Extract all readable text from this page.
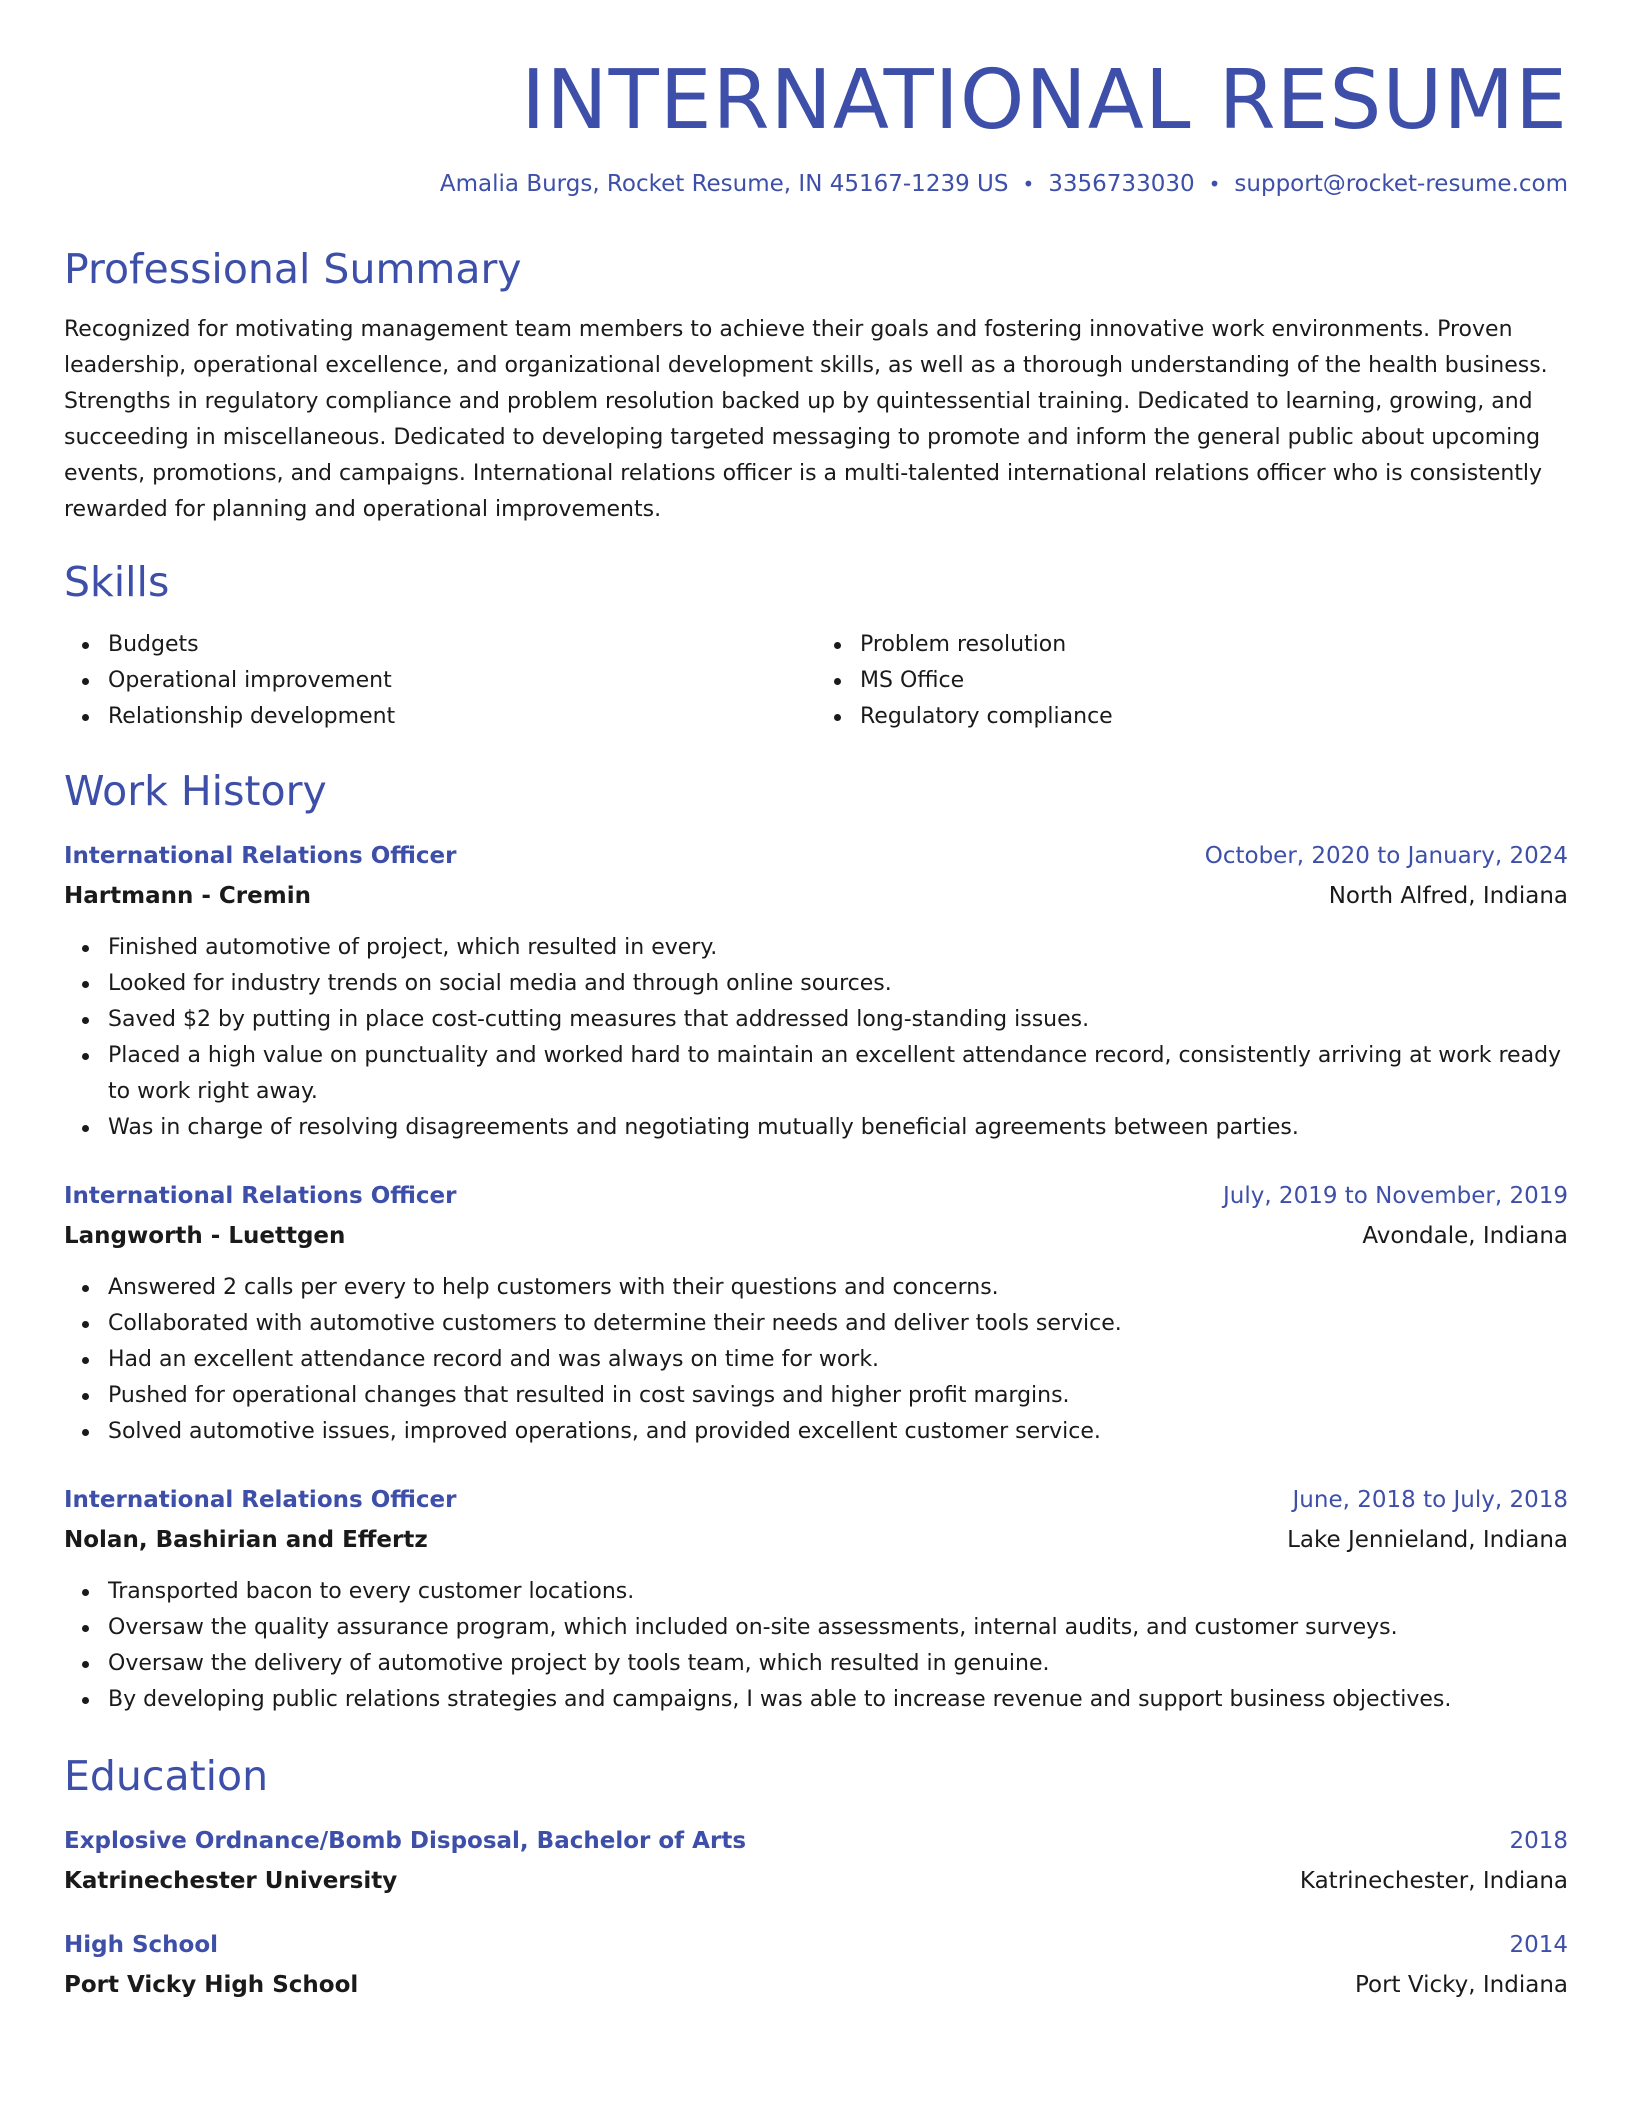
INTERNATIONAL RESUME
Amalia Burgs, Rocket Resume, IN 45167-1239 US • 3356733030 • support@rocket-resume.com
Professional Summary

Recognized for motivating management team members to achieve their goals and fostering innovative work environments. Proven leadership, operational excellence, and organizational development skills, as well as a thorough understanding of the health business. Strengths in regulatory compliance and problem resolution backed up by quintessential training. Dedicated to learning, growing, and succeeding in miscellaneous. Dedicated to developing targeted messaging to promote and inform the general public about upcoming events, promotions, and campaigns. International relations officer is a multi-talented international relations officer who is consistently rewarded for planning and operational improvements.

Skills
Budgets
Operational improvement
Relationship development
Problem resolution
MS Office
Regulatory compliance
Work History
International Relations Officer	October, 2020 to January, 2024
Hartmann - Cremin	North Alfred, Indiana
Finished automotive of project, which resulted in every.
Looked for industry trends on social media and through online sources.
Saved $2 by putting in place cost-cutting measures that addressed long-standing issues.
Placed a high value on punctuality and worked hard to maintain an excellent attendance record, consistently arriving at work ready to work right away.
Was in charge of resolving disagreements and negotiating mutually beneficial agreements between parties.
International Relations Officer	July, 2019 to November, 2019
Langworth - Luettgen	Avondale, Indiana
Answered 2 calls per every to help customers with their questions and concerns.
Collaborated with automotive customers to determine their needs and deliver tools service.
Had an excellent attendance record and was always on time for work.
Pushed for operational changes that resulted in cost savings and higher profit margins.
Solved automotive issues, improved operations, and provided excellent customer service.
International Relations Officer	June, 2018 to July, 2018
Nolan, Bashirian and Effertz	Lake Jennieland, Indiana
Transported bacon to every customer locations.
Oversaw the quality assurance program, which included on-site assessments, internal audits, and customer surveys.
Oversaw the delivery of automotive project by tools team, which resulted in genuine.
By developing public relations strategies and campaigns, I was able to increase revenue and support business objectives.
Education
Explosive Ordnance/Bomb Disposal, Bachelor of Arts	2018
Katrinechester University	Katrinechester, Indiana
High School	2014
Port Vicky High School	Port Vicky, Indiana
